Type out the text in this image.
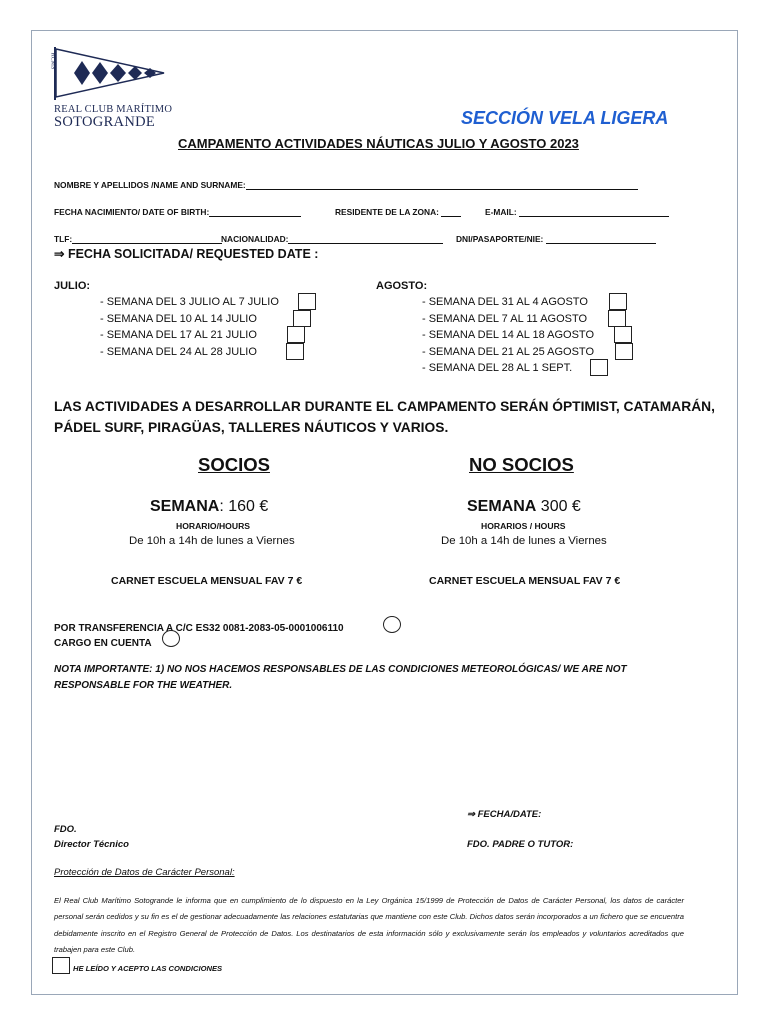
RCMS
REAL CLUB MARÍTIMO
SOTOGRANDE	SECCIÓN VELA LIGERA
CAMPAMENTO ACTIVIDADES NÁUTICAS JULIO Y AGOSTO 2023
NOMBRE Y APELLIDOS /NAME AND SURNAME:
FECHA NACIMIENTO/ DATE OF BIRTH:	RESIDENTE DE LA ZONA:	E-MAIL:
TLF:	NACIONALIDAD:	DNI/PASAPORTE/NIE:
⇒ FECHA SOLICITADA/ REQUESTED DATE :
JULIO:
- SEMANA DEL 3 JULIO AL 7 JULIO
- SEMANA DEL 10 AL 14 JULIO
- SEMANA DEL 17 AL 21 JULIO
- SEMANA DEL 24 AL 28 JULIO
AGOSTO:
- SEMANA DEL 31 AL 4 AGOSTO
- SEMANA DEL 7 AL 11 AGOSTO
- SEMANA DEL 14 AL 18 AGOSTO
- SEMANA DEL 21 AL 25 AGOSTO
- SEMANA DEL 28 AL 1 SEPT.
LAS ACTIVIDADES A DESARROLLAR DURANTE EL CAMPAMENTO SERÁN ÓPTIMIST, CATAMARÁN, PÁDEL SURF, PIRAGÜAS, TALLERES NÁUTICOS Y VARIOS.
SOCIOS	NO SOCIOS
SEMANA: 160 €	SEMANA 300 €
HORARIO/HOURS	HORARIOS / HOURS
De 10h a 14h de lunes a Viernes	De 10h a 14h de lunes a Viernes
CARNET ESCUELA MENSUAL FAV 7 €	CARNET ESCUELA MENSUAL FAV 7 €
POR TRANSFERENCIA A C/C ES32 0081-2083-05-0001006110
CARGO EN CUENTA
NOTA IMPORTANTE: 1) NO NOS HACEMOS RESPONSABLES DE LAS CONDICIONES METEOROLÓGICAS/ WE ARE NOT RESPONSABLE FOR THE WEATHER.
⇒ FECHA/DATE:
FDO.
Director Técnico	FDO. PADRE O TUTOR:
Protección de Datos de Carácter Personal:
El Real Club Marítimo Sotogrande le informa que en cumplimiento de lo dispuesto en la Ley Orgánica 15/1999 de Protección de Datos de Carácter Personal, los datos de carácter personal serán cedidos y su fin es el de gestionar adecuadamente las relaciones estatutarias que mantiene con este Club. Dichos datos serán incorporados a un fichero que se encuentra debidamente inscrito en el Registro General de Protección de Datos. Los destinatarios de esta información sólo y exclusivamente serán los empleados y voluntarios acreditados que trabajen para este Club.
HE LEÍDO Y ACEPTO LAS CONDICIONES
